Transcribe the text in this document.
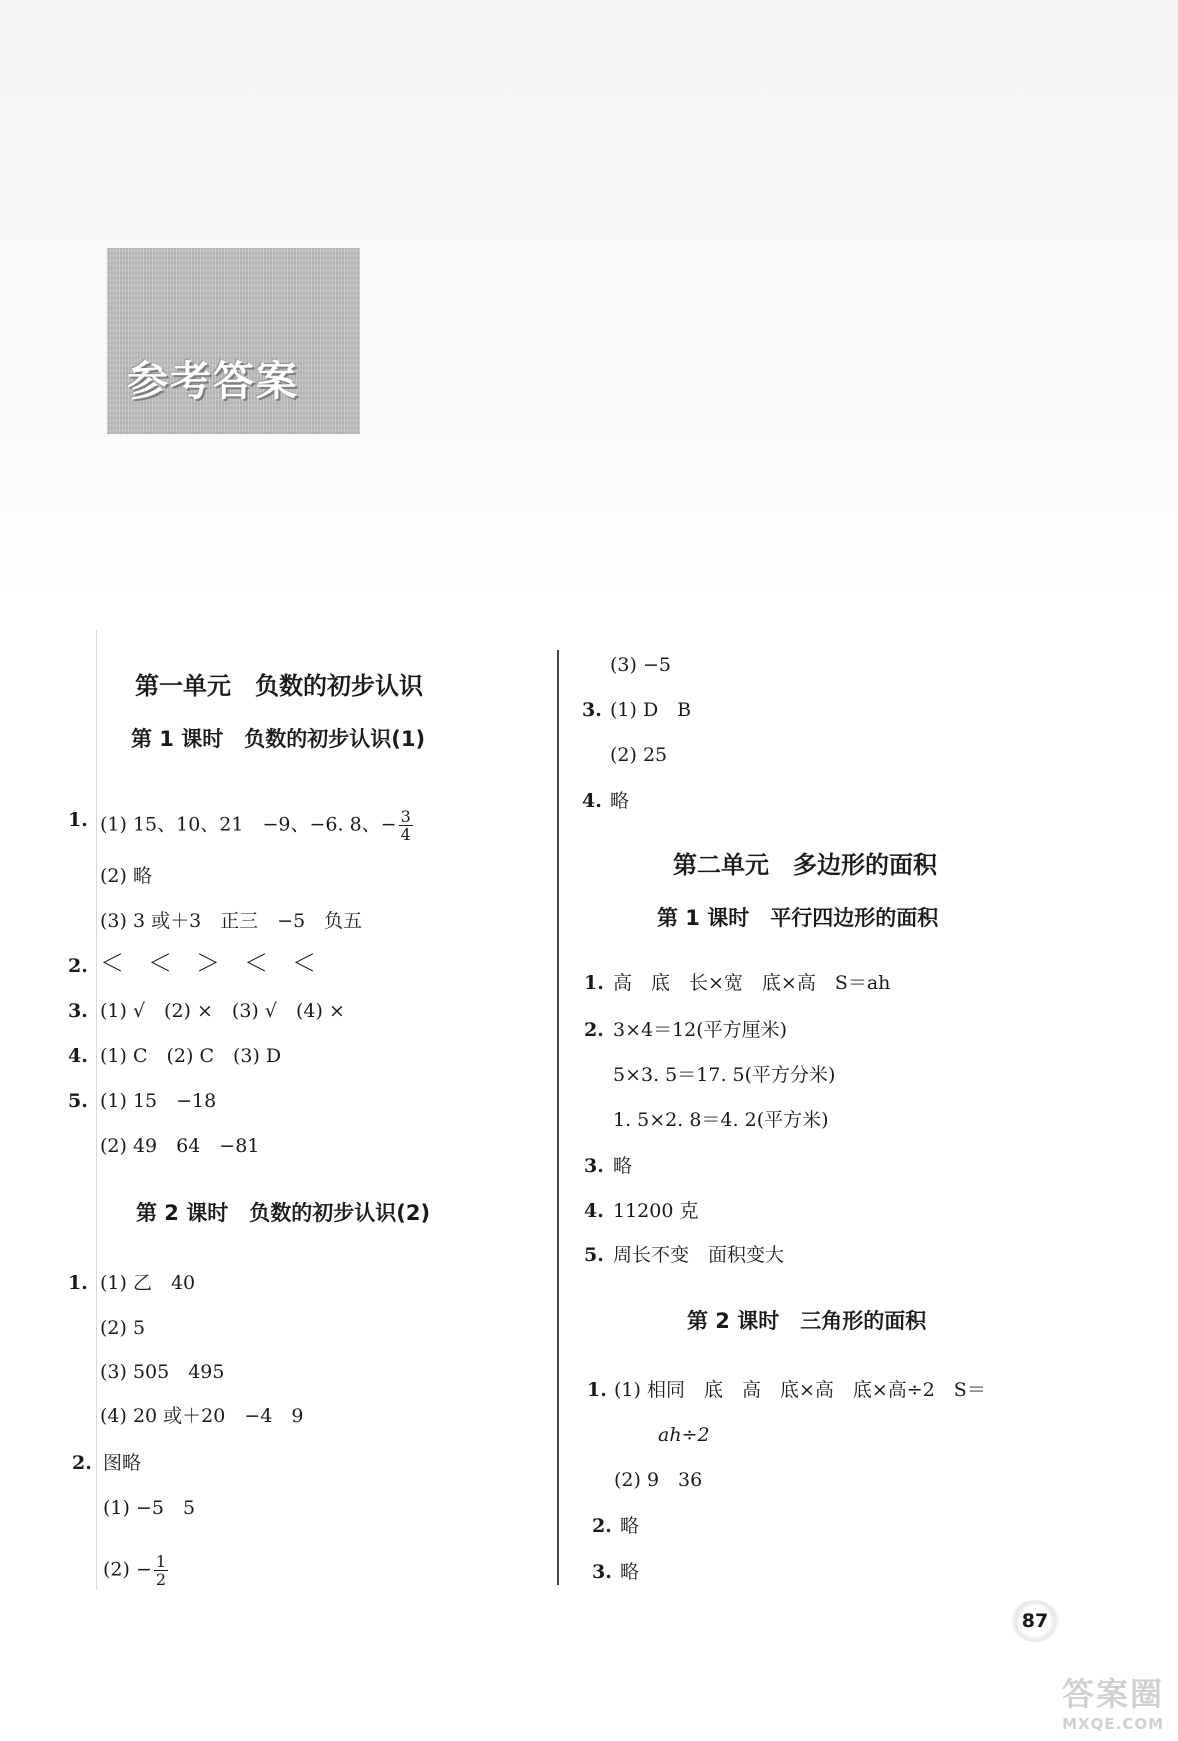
参考答案
第一单元　负数的初步认识
第 1 课时　负数的初步认识(1)
1. (1) 15、10、21　−9、−6. 8、− $\frac{3}{4}$
(2) 略
(3) 3 或＋3　正三　−5　负五
2. ＜　＜　＞　＜　＜
3. (1) √　(2) ×　(3) √　(4) ×
4. (1) C　(2) C　(3) D
5. (1) 15　−18
(2) 49　64　−81
第 2 课时　负数的初步认识(2)
1. (1) 乙　40
(2) 5
(3) 505　495
(4) 20 或＋20　−4　9
2. 图略
(1) −5　5
$(2) - \frac{1}{2}$
(3) −5
3. (1) D　B
(2) 25
4. 略
第二单元　多边形的面积
第 1 课时　平行四边形的面积
1. 高　底　长×宽　底×高　S＝ah
2. 3×4＝12(平方厘米)
5×3. 5＝17. 5(平方分米)
1. 5×2. 8＝4. 2(平方米)
3. 略
4. 11200 克
5. 周长不变　面积变大
第 2 课时　三角形的面积
1. (1) 相同　底　高　底×高　底×高÷2　S＝
ah÷2
(2) 9　36
2. 略
3. 略
87
答案圈
MXQE.COM
